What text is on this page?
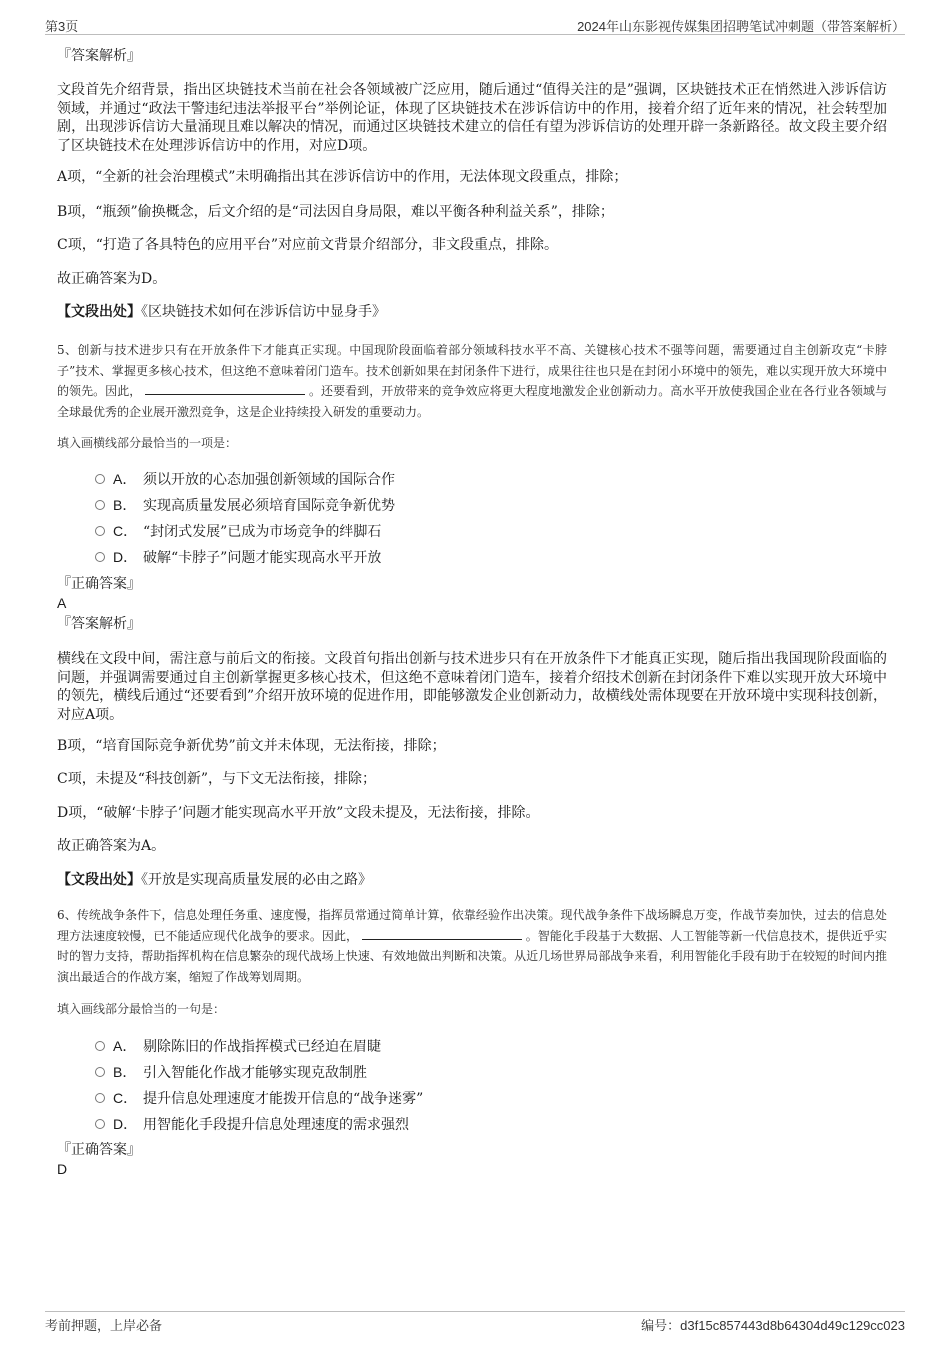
第3页	2024年山东影视传媒集团招聘笔试冲刺题（带答案解析）
『答案解析』
文段首先介绍背景，指出区块链技术当前在社会各领域被广泛应用，随后通过“值得关注的是”强调，区块链技术正在悄然进入涉诉信访领域，并通过“政法干警违纪违法举报平台”举例论证，体现了区块链技术在涉诉信访中的作用，接着介绍了近年来的情况，社会转型加剧，出现涉诉信访大量涌现且难以解决的情况，而通过区块链技术建立的信任有望为涉诉信访的处理开辟一条新路径。故文段主要介绍了区块链技术在处理涉诉信访中的作用，对应D项。
A项，“全新的社会治理模式”未明确指出其在涉诉信访中的作用，无法体现文段重点，排除；
B项，“瓶颈”偷换概念，后文介绍的是“司法因自身局限，难以平衡各种利益关系”，排除；
C项，“打造了各具特色的应用平台”对应前文背景介绍部分，非文段重点，排除。
故正确答案为D。
【文段出处】《区块链技术如何在涉诉信访中显身手》
5、创新与技术进步只有在开放条件下才能真正实现。中国现阶段面临着部分领域科技水平不高、关键核心技术不强等问题，需要通过自主创新攻克“卡脖子”技术、掌握更多核心技术，但这绝不意味着闭门造车。技术创新如果在封闭条件下进行，成果往往也只是在封闭小环境中的领先，难以实现开放大环境中的领先。因此，	。还要看到，开放带来的竞争效应将更大程度地激发企业创新动力。高水平开放使我国企业在各行业各领域与全球最优秀的企业展开激烈竞争，这是企业持续投入研发的重要动力。
填入画横线部分最恰当的一项是：
A． 须以开放的心态加强创新领域的国际合作
B． 实现高质量发展必须培育国际竞争新优势
C． “封闭式发展”已成为市场竞争的绊脚石
D． 破解“卡脖子”问题才能实现高水平开放
『正确答案』
A
『答案解析』
横线在文段中间，需注意与前后文的衔接。文段首句指出创新与技术进步只有在开放条件下才能真正实现，随后指出我国现阶段面临的问题，并强调需要通过自主创新掌握更多核心技术，但这绝不意味着闭门造车，接着介绍技术创新在封闭条件下难以实现开放大环境中的领先，横线后通过“还要看到”介绍开放环境的促进作用，即能够激发企业创新动力，故横线处需体现要在开放环境中实现科技创新，对应A项。
B项，“培育国际竞争新优势”前文并未体现，无法衔接，排除；
C项，未提及“科技创新”，与下文无法衔接，排除；
D项，“破解‘卡脖子’问题才能实现高水平开放”文段未提及，无法衔接，排除。
故正确答案为A。
【文段出处】《开放是实现高质量发展的必由之路》
6、传统战争条件下，信息处理任务重、速度慢，指挥员常通过简单计算，依靠经验作出决策。现代战争条件下战场瞬息万变，作战节奏加快，过去的信息处理方法速度较慢，已不能适应现代化战争的要求。因此，	。智能化手段基于大数据、人工智能等新一代信息技术，提供近乎实时的智力支持，帮助指挥机构在信息繁杂的现代战场上快速、有效地做出判断和决策。从近几场世界局部战争来看，利用智能化手段有助于在较短的时间内推演出最适合的作战方案，缩短了作战筹划周期。
填入画线部分最恰当的一句是：
A． 剔除陈旧的作战指挥模式已经迫在眉睫
B． 引入智能化作战才能够实现克敌制胜
C． 提升信息处理速度才能拨开信息的“战争迷雾”
D． 用智能化手段提升信息处理速度的需求强烈
『正确答案』
D
考前押题，上岸必备	编号：d3f15c857443d8b64304d49c129cc023
